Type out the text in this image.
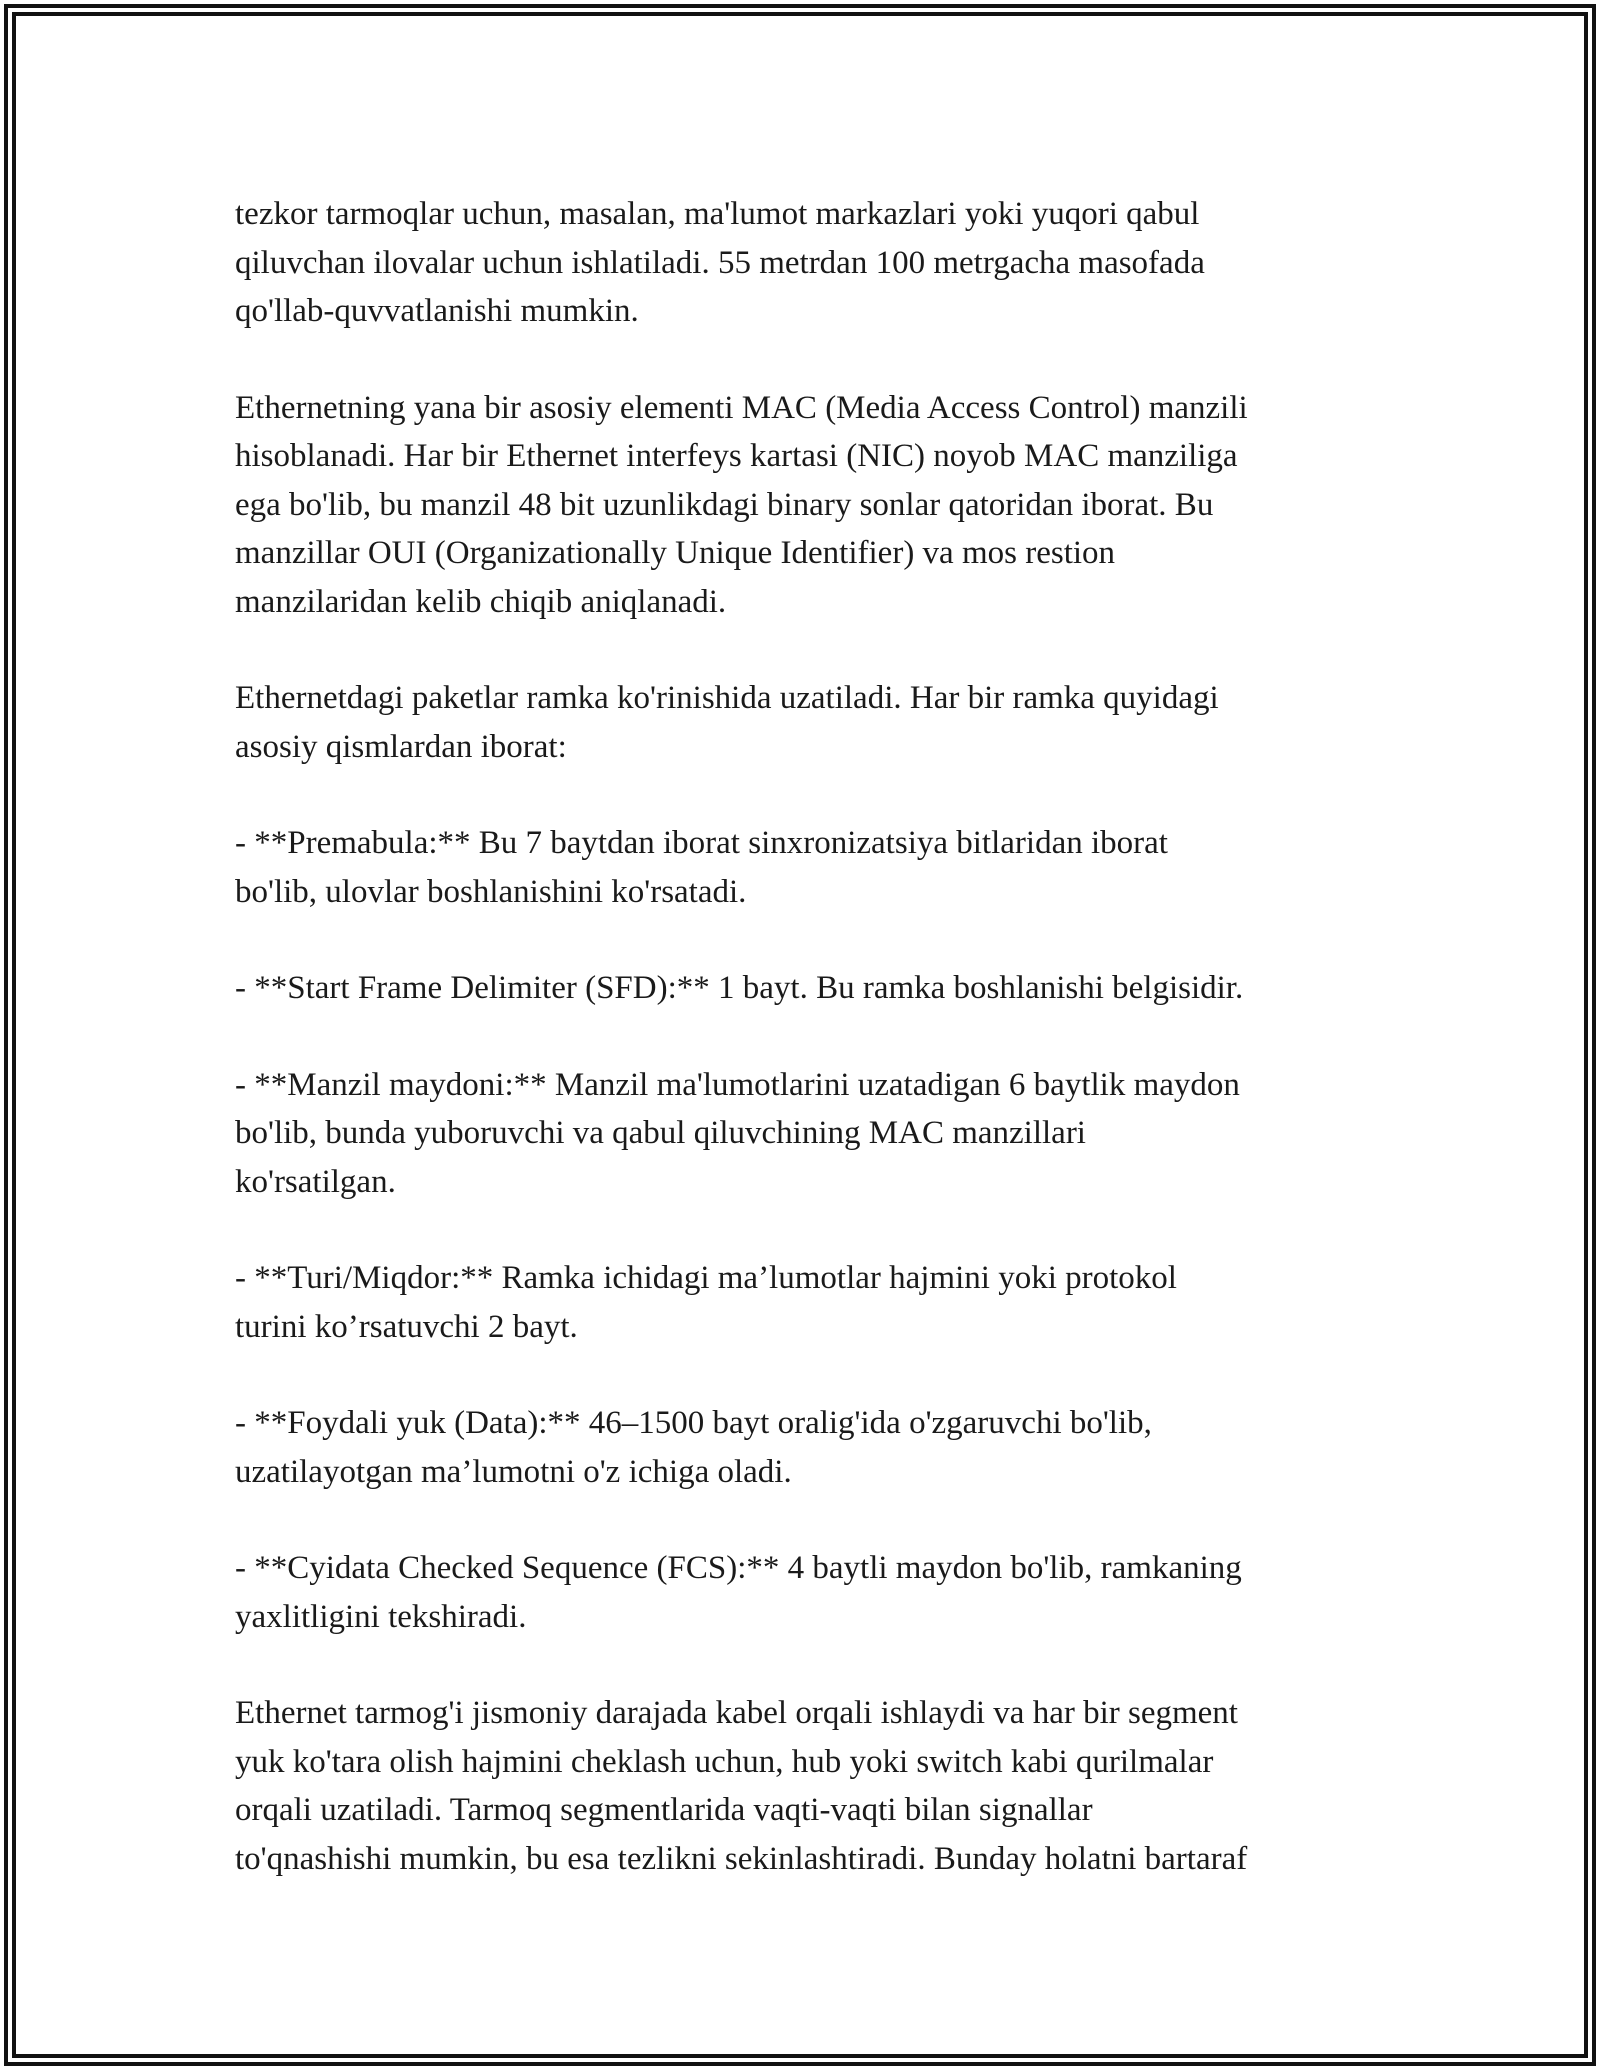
tezkor tarmoqlar uchun, masalan, ma'lumot markazlari yoki yuqori qabul
qiluvchan ilovalar uchun ishlatiladi. 55 metrdan 100 metrgacha masofada
qo'llab-quvvatlanishi mumkin.

Ethernetning yana bir asosiy elementi MAC (Media Access Control) manzili
hisoblanadi. Har bir Ethernet interfeys kartasi (NIC) noyob MAC manziliga
ega bo'lib, bu manzil 48 bit uzunlikdagi binary sonlar qatoridan iborat. Bu
manzillar OUI (Organizationally Unique Identifier) va mos restion
manzilaridan kelib chiqib aniqlanadi.

Ethernetdagi paketlar ramka ko'rinishida uzatiladi. Har bir ramka quyidagi
asosiy qismlardan iborat:

- **Premabula:** Bu 7 baytdan iborat sinxronizatsiya bitlaridan iborat
bo'lib, ulovlar boshlanishini ko'rsatadi.

- **Start Frame Delimiter (SFD):** 1 bayt. Bu ramka boshlanishi belgisidir.

- **Manzil maydoni:** Manzil ma'lumotlarini uzatadigan 6 baytlik maydon
bo'lib, bunda yuboruvchi va qabul qiluvchining MAC manzillari
ko'rsatilgan.

- **Turi/Miqdor:** Ramka ichidagi ma’lumotlar hajmini yoki protokol
turini ko’rsatuvchi 2 bayt.

- **Foydali yuk (Data):** 46–1500 bayt oralig'ida o'zgaruvchi bo'lib,
uzatilayotgan ma’lumotni o'z ichiga oladi.

- **Cyidata Checked Sequence (FCS):** 4 baytli maydon bo'lib, ramkaning
yaxlitligini tekshiradi.

Ethernet tarmog'i jismoniy darajada kabel orqali ishlaydi va har bir segment
yuk ko'tara olish hajmini cheklash uchun, hub yoki switch kabi qurilmalar
orqali uzatiladi. Tarmoq segmentlarida vaqti-vaqti bilan signallar
to'qnashishi mumkin, bu esa tezlikni sekinlashtiradi. Bunday holatni bartaraf
